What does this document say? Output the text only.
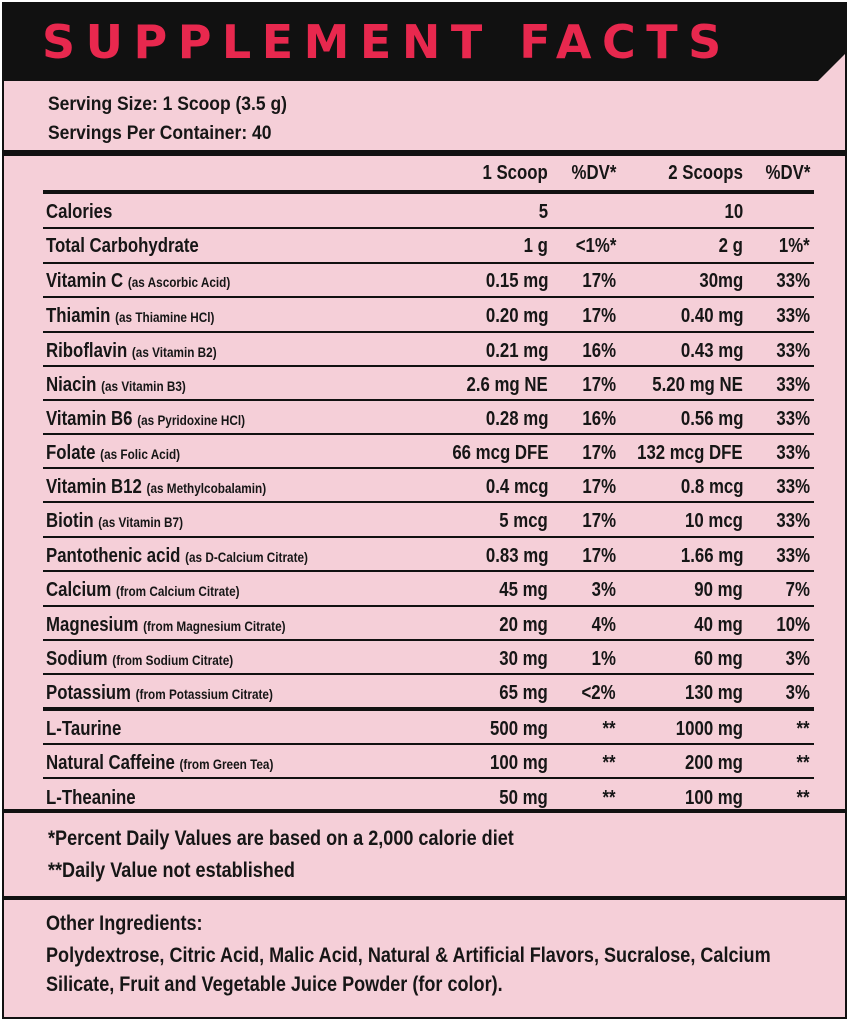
SUPPLEMENT FACTS
Serving Size: 1 Scoop (3.5 g)
Servings Per Container: 40
1 Scoop %DV*	2 Scoops %DV*
Calories	5	10
Total Carbohydrate	1 g <1%*	2 g 1%*
Vitamin C (as Ascorbic Acid)	0.15 mg 17%	30mg 33%
Thiamin (as Thiamine HCl)	0.20 mg 17%	0.40 mg 33%
Riboflavin (as Vitamin B2)	0.21 mg 16%	0.43 mg 33%
Niacin (as Vitamin B3)	2.6 mg NE 17% 5.20 mg NE 33%
Vitamin B6 (as Pyridoxine HCl)	0.28 mg 16%	0.56 mg 33%
Folate (as Folic Acid)	66 mcg DFE 17% 132 mcg DFE 33%
Vitamin B12 (as Methylcobalamin)	0.4 mcg 17%	0.8 mcg 33%
Biotin (as Vitamin B7)	5 mcg 17%	10 mcg 33%
Pantothenic acid (as D-Calcium Citrate)	0.83 mg 17%	1.66 mg 33%
Calcium (from Calcium Citrate)	45 mg 3%	90 mg 7%
Magnesium (from Magnesium Citrate)	20 mg 4%	40 mg 10%
Sodium (from Sodium Citrate)	30 mg 1%	60 mg 3%
Potassium (from Potassium Citrate)	65 mg <2%	130 mg 3%
L-Taurine	500 mg	**	1000 mg	**
Natural Caffeine (from Green Tea)	100 mg	**	200 mg	**
L-Theanine	50 mg	**	100 mg	**
*Percent Daily Values are based on a 2,000 calorie diet
**Daily Value not established
Other Ingredients:
Polydextrose, Citric Acid, Malic Acid, Natural & Artificial Flavors, Sucralose, Calcium Silicate, Fruit and Vegetable Juice Powder (for color).
